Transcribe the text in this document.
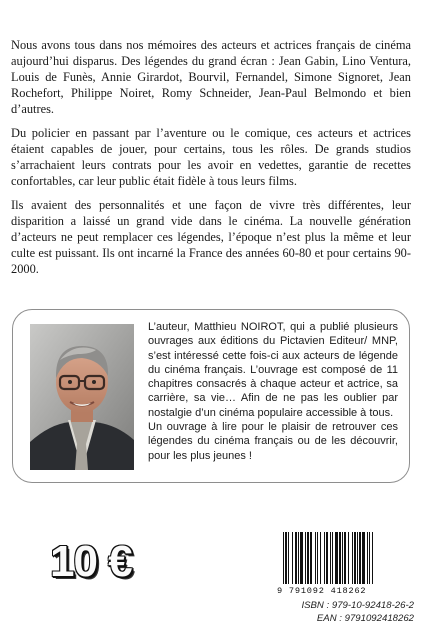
Nous avons tous dans nos mémoires des acteurs et actrices français de cinéma aujourd’hui disparus. Des légendes du grand écran : Jean Gabin, Lino Ventura, Louis de Funès, Annie Girardot, Bourvil, Fernandel, Simone Signoret, Jean Rochefort, Philippe Noiret, Romy Schneider, Jean-Paul Belmondo et bien d’autres.

Du policier en passant par l’aventure ou le comique, ces acteurs et actrices étaient capables de jouer, pour certains, tous les rôles. De grands studios s’arrachaient leurs contrats pour les avoir en vedettes, garantie de recettes confortables, car leur public était fidèle à tous leurs films.

Ils avaient des personnalités et une façon de vivre très différentes, leur disparition a laissé un grand vide dans le cinéma. La nouvelle génération d’acteurs ne peut remplacer ces légendes, l’époque n’est plus la même et leur culte est puissant. Ils ont incarné la France des années 60-80 et pour certains 90-2000.

L’auteur, Matthieu NOIROT, qui a publié plusieurs ouvrages aux éditions du Pictavien Editeur/ MNP, s’est intéressé cette fois-ci aux acteurs de légende du cinéma français. L’ouvrage est composé de 11 chapitres consacrés à chaque acteur et actrice, sa carrière, sa vie… Afin de ne pas les oublier par nostalgie d’un cinéma populaire accessible à tous.

Un ouvrage à lire pour le plaisir de retrouver ces légendes du cinéma français ou de les découvrir, pour les plus jeunes !

10 €
9 791092 418262
ISBN : 979-10-92418-26-2
EAN : 9791092418262
